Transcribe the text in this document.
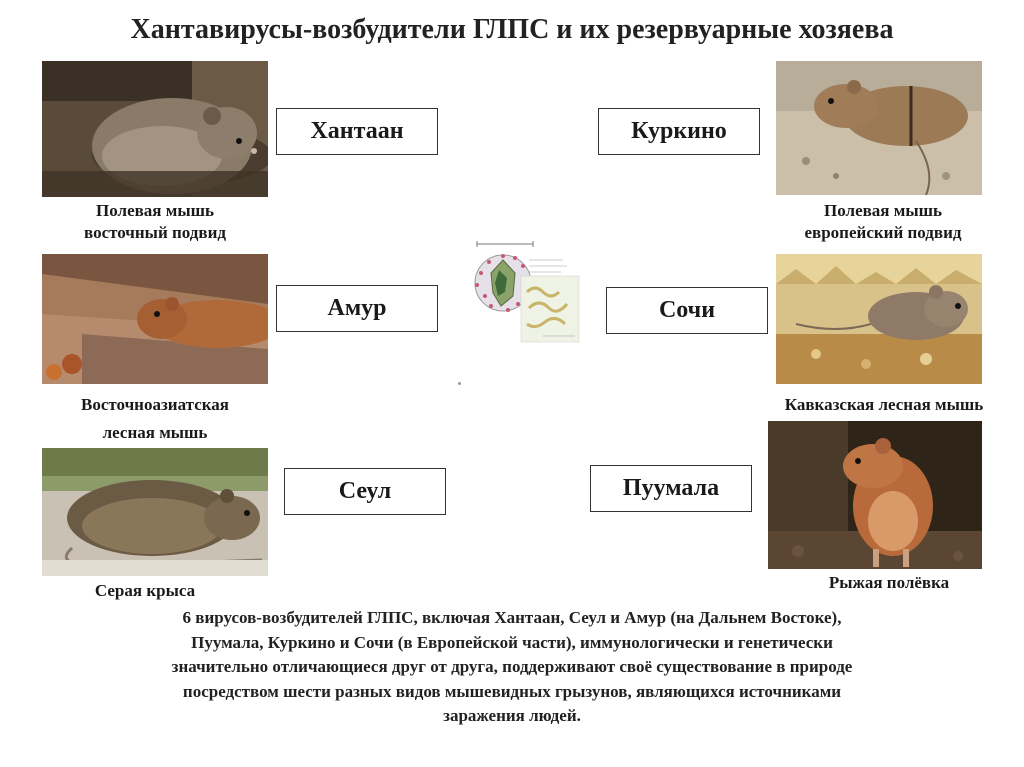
Хантавирусы-возбудители ГЛПС и их резервуарные хозяева
Полевая мышь
восточный подвид
Восточноазиатская
лесная мышь
Серая крыса
Полевая мышь
европейский подвид
Кавказская лесная мышь
Рыжая полёвка
Хантаан	Куркино
Амур	Сочи
Сеул	Пуумала
6 вирусов-возбудителей ГЛПС, включая Хантаан, Сеул и Амур (на Дальнем Востоке),
Пуумала, Куркино и Сочи (в Европейской части), иммунологически и генетически
значительно отличающиеся друг от друга, поддерживают своё существование в природе
посредством шести разных видов мышевидных грызунов, являющихся источниками
заражения людей.
